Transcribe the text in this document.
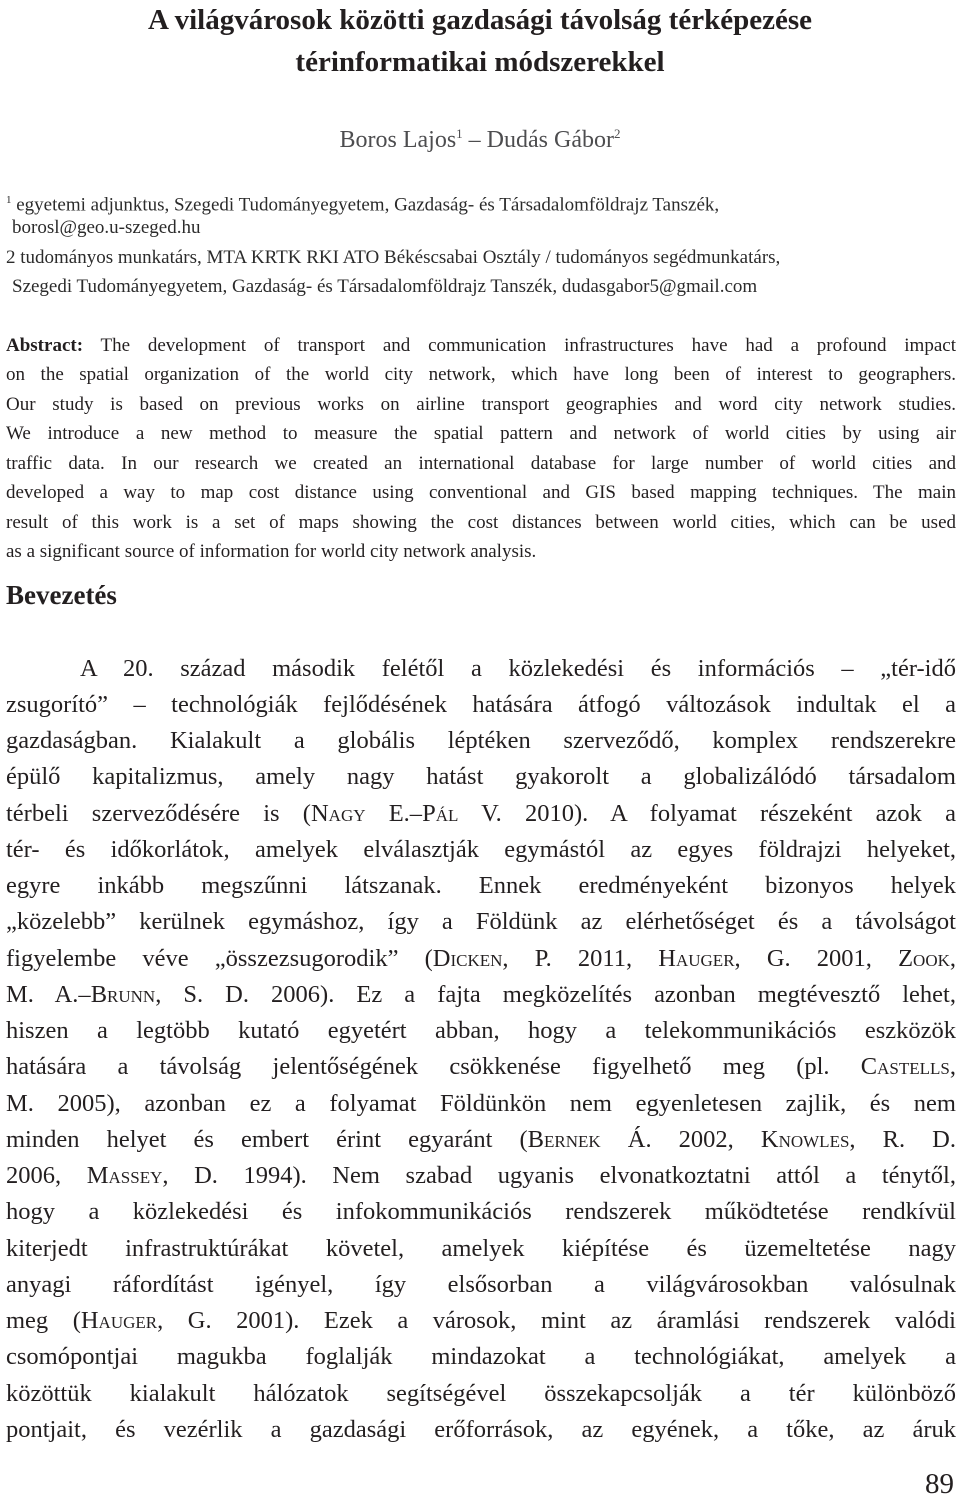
A világvárosok közötti gazdasági távolság térképezése
térinformatikai módszerekkel
Boros Lajos$^1$ – Dudás Gábor$^2$
$^1$ egyetemi adjunktus, Szegedi Tudományegyetem, Gazdaság- és Társadalomföldrajz Tanszék,
borosl@geo.u-szeged.hu
2 tudományos munkatárs, MTA KRTK RKI ATO Békéscsabai Osztály / tudományos segédmunkatárs,
Szegedi Tudományegyetem, Gazdaság- és Társadalomföldrajz Tanszék, dudasgabor5@gmail.com
Abstract: The development of transport and communication infrastructures have had a profound impact
on the spatial organization of the world city network, which have long been of interest to geographers.
Our study is based on previous works on airline transport geographies and word city network studies.
We introduce a new method to measure the spatial pattern and network of world cities by using air
traffic data. In our research we created an international database for large number of world cities and
developed a way to map cost distance using conventional and GIS based mapping techniques. The main
result of this work is a set of maps showing the cost distances between world cities, which can be used
as a significant source of information for world city network analysis.
Bevezetés
A 20. század második felétől a közlekedési és információs – „tér-idő
zsugorító” – technológiák fejlődésének hatására átfogó változások indultak el a
gazdaságban. Kialakult a globális léptéken szerveződő, komplex rendszerekre
épülő kapitalizmus, amely nagy hatást gyakorolt a globalizálódó társadalom
térbeli szerveződésére is (Nagy E.–Pál V. 2010). A folyamat részeként azok a
tér- és időkorlátok, amelyek elválasztják egymástól az egyes földrajzi helyeket,
egyre inkább megszűnni látszanak. Ennek eredményeként bizonyos helyek
„közelebb” kerülnek egymáshoz, így a Földünk az elérhetőséget és a távolságot
figyelembe véve „összezsugorodik” (Dicken, P. 2011, Hauger, G. 2001, Zook,
M. A.–Brunn, S. D. 2006). Ez a fajta megközelítés azonban megtévesztő lehet,
hiszen a legtöbb kutató egyetért abban, hogy a telekommunikációs eszközök
hatására a távolság jelentőségének csökkenése figyelhető meg (pl. Castells,
M. 2005), azonban ez a folyamat Földünkön nem egyenletesen zajlik, és nem
minden helyet és embert érint egyaránt (Bernek Á. 2002, Knowles, R. D.
2006, Massey, D. 1994). Nem szabad ugyanis elvonatkoztatni attól a ténytől,
hogy a közlekedési és infokommunikációs rendszerek működtetése rendkívül
kiterjedt infrastruktúrákat követel, amelyek kiépítése és üzemeltetése nagy
anyagi ráfordítást igényel, így elsősorban a világvárosokban valósulnak
meg (Hauger, G. 2001). Ezek a városok, mint az áramlási rendszerek valódi
csomópontjai magukba foglalják mindazokat a technológiákat, amelyek a
közöttük kialakult hálózatok segítségével összekapcsolják a tér különböző
pontjait, és vezérlik a gazdasági erőforrások, az egyének, a tőke, az áruk
89
